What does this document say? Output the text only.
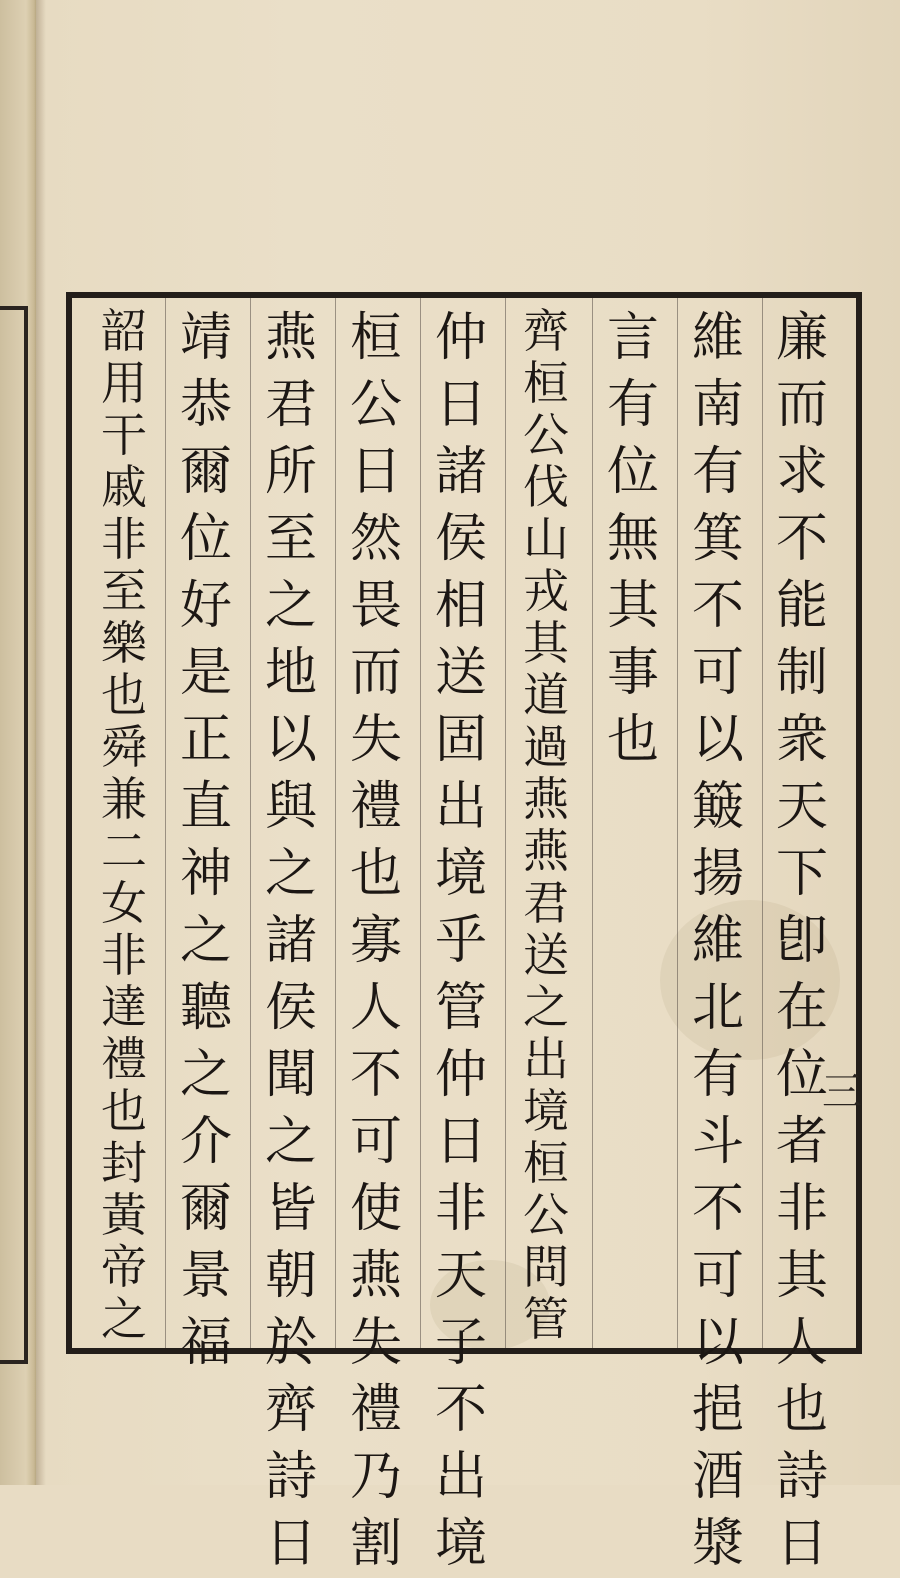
廉
而
求
不
能
制
衆
天
下
卽
在
位
者
非
其
人
也
詩
日
維
南
有
箕
不
可
以
簸
揚
維
北
有
斗
不
可
以
挹
酒
漿
言
有
位
無
其
事
也
齊
桓
公
伐
山
戎
其
道
過
燕
燕
君
送
之
出
境
桓
公
問
管
仲
日
諸
侯
相
送
固
出
境
乎
管
仲
日
非
天
子
不
出
境
桓
公
日
然
畏
而
失
禮
也
寡
人
不
可
使
燕
失
禮
乃
割
燕
君
所
至
之
地
以
與
之
諸
侯
聞
之
皆
朝
於
齊
詩
日
靖
恭
爾
位
好
是
正
直
神
之
聽
之
介
爾
景
福
韶
用
干
戚
非
至
樂
也
舜
兼
二
女
非
達
禮
也
封
黃
帝
之
三
